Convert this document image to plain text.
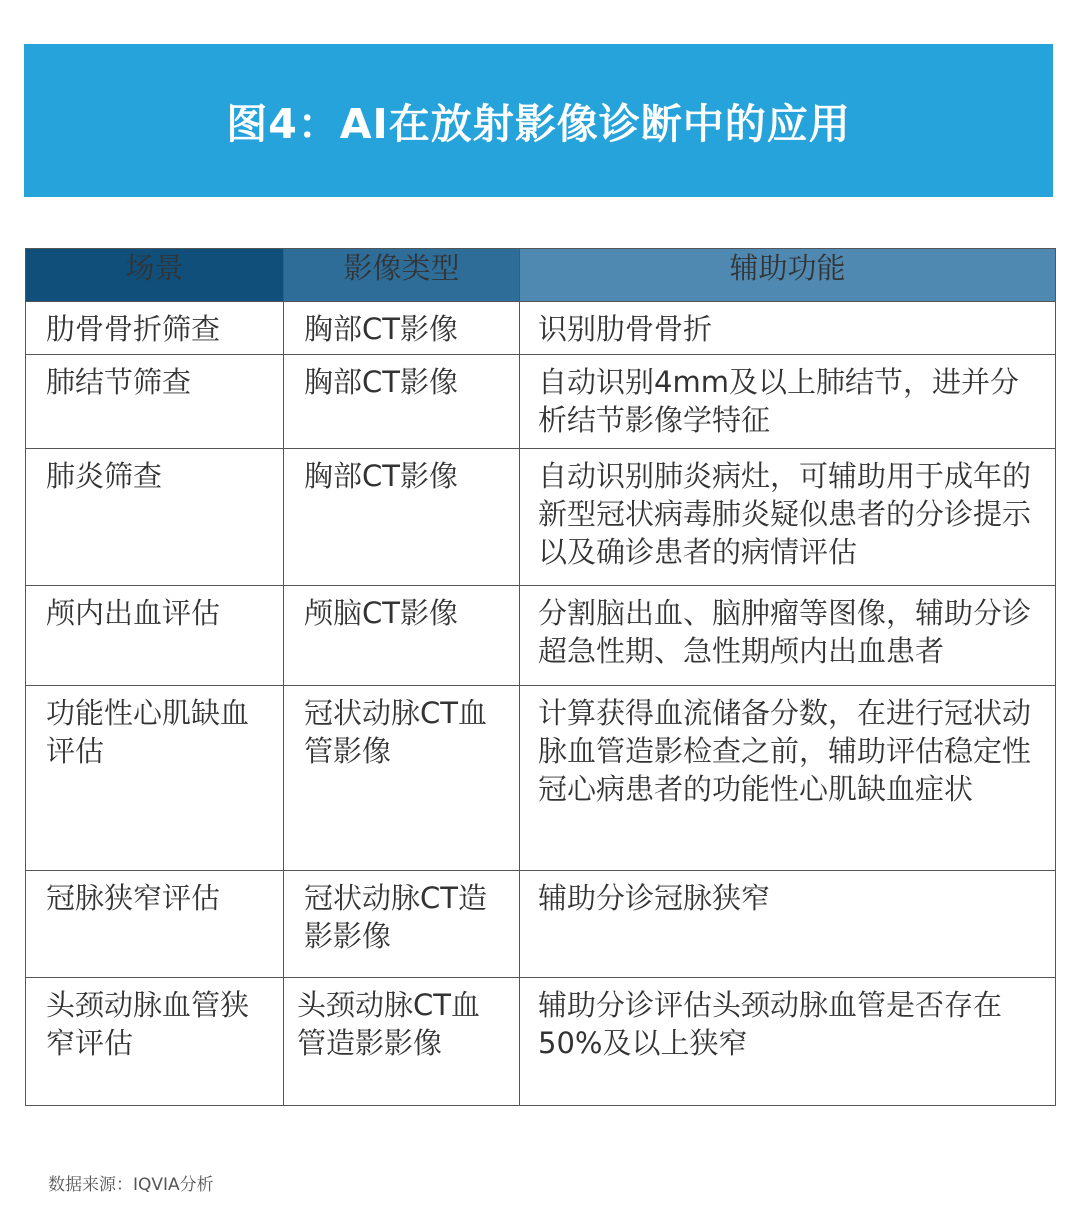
图4：AI在放射影像诊断中的应用
场景	影像类型	辅助功能
肋骨骨折筛查	胸部CT影像	识别肋骨骨折
肺结节筛查	胸部CT影像	自动识别4mm及以上肺结节，进并分析结节影像学特征
肺炎筛查	胸部CT影像	自动识别肺炎病灶，可辅助用于成年的新型冠状病毒肺炎疑似患者的分诊提示以及确诊患者的病情评估
颅内出血评估	颅脑CT影像	分割脑出血、脑肿瘤等图像，辅助分诊超急性期、急性期颅内出血患者
功能性心肌缺血评估	冠状动脉CT血管影像	计算获得血流储备分数，在进行冠状动脉血管造影检查之前，辅助评估稳定性冠心病患者的功能性心肌缺血症状
冠脉狭窄评估	冠状动脉CT造影影像	辅助分诊冠脉狭窄
头颈动脉血管狭窄评估	头颈动脉CT血管造影影像	辅助分诊评估头颈动脉血管是否存在50%及以上狭窄
数据来源：IQVIA分析
